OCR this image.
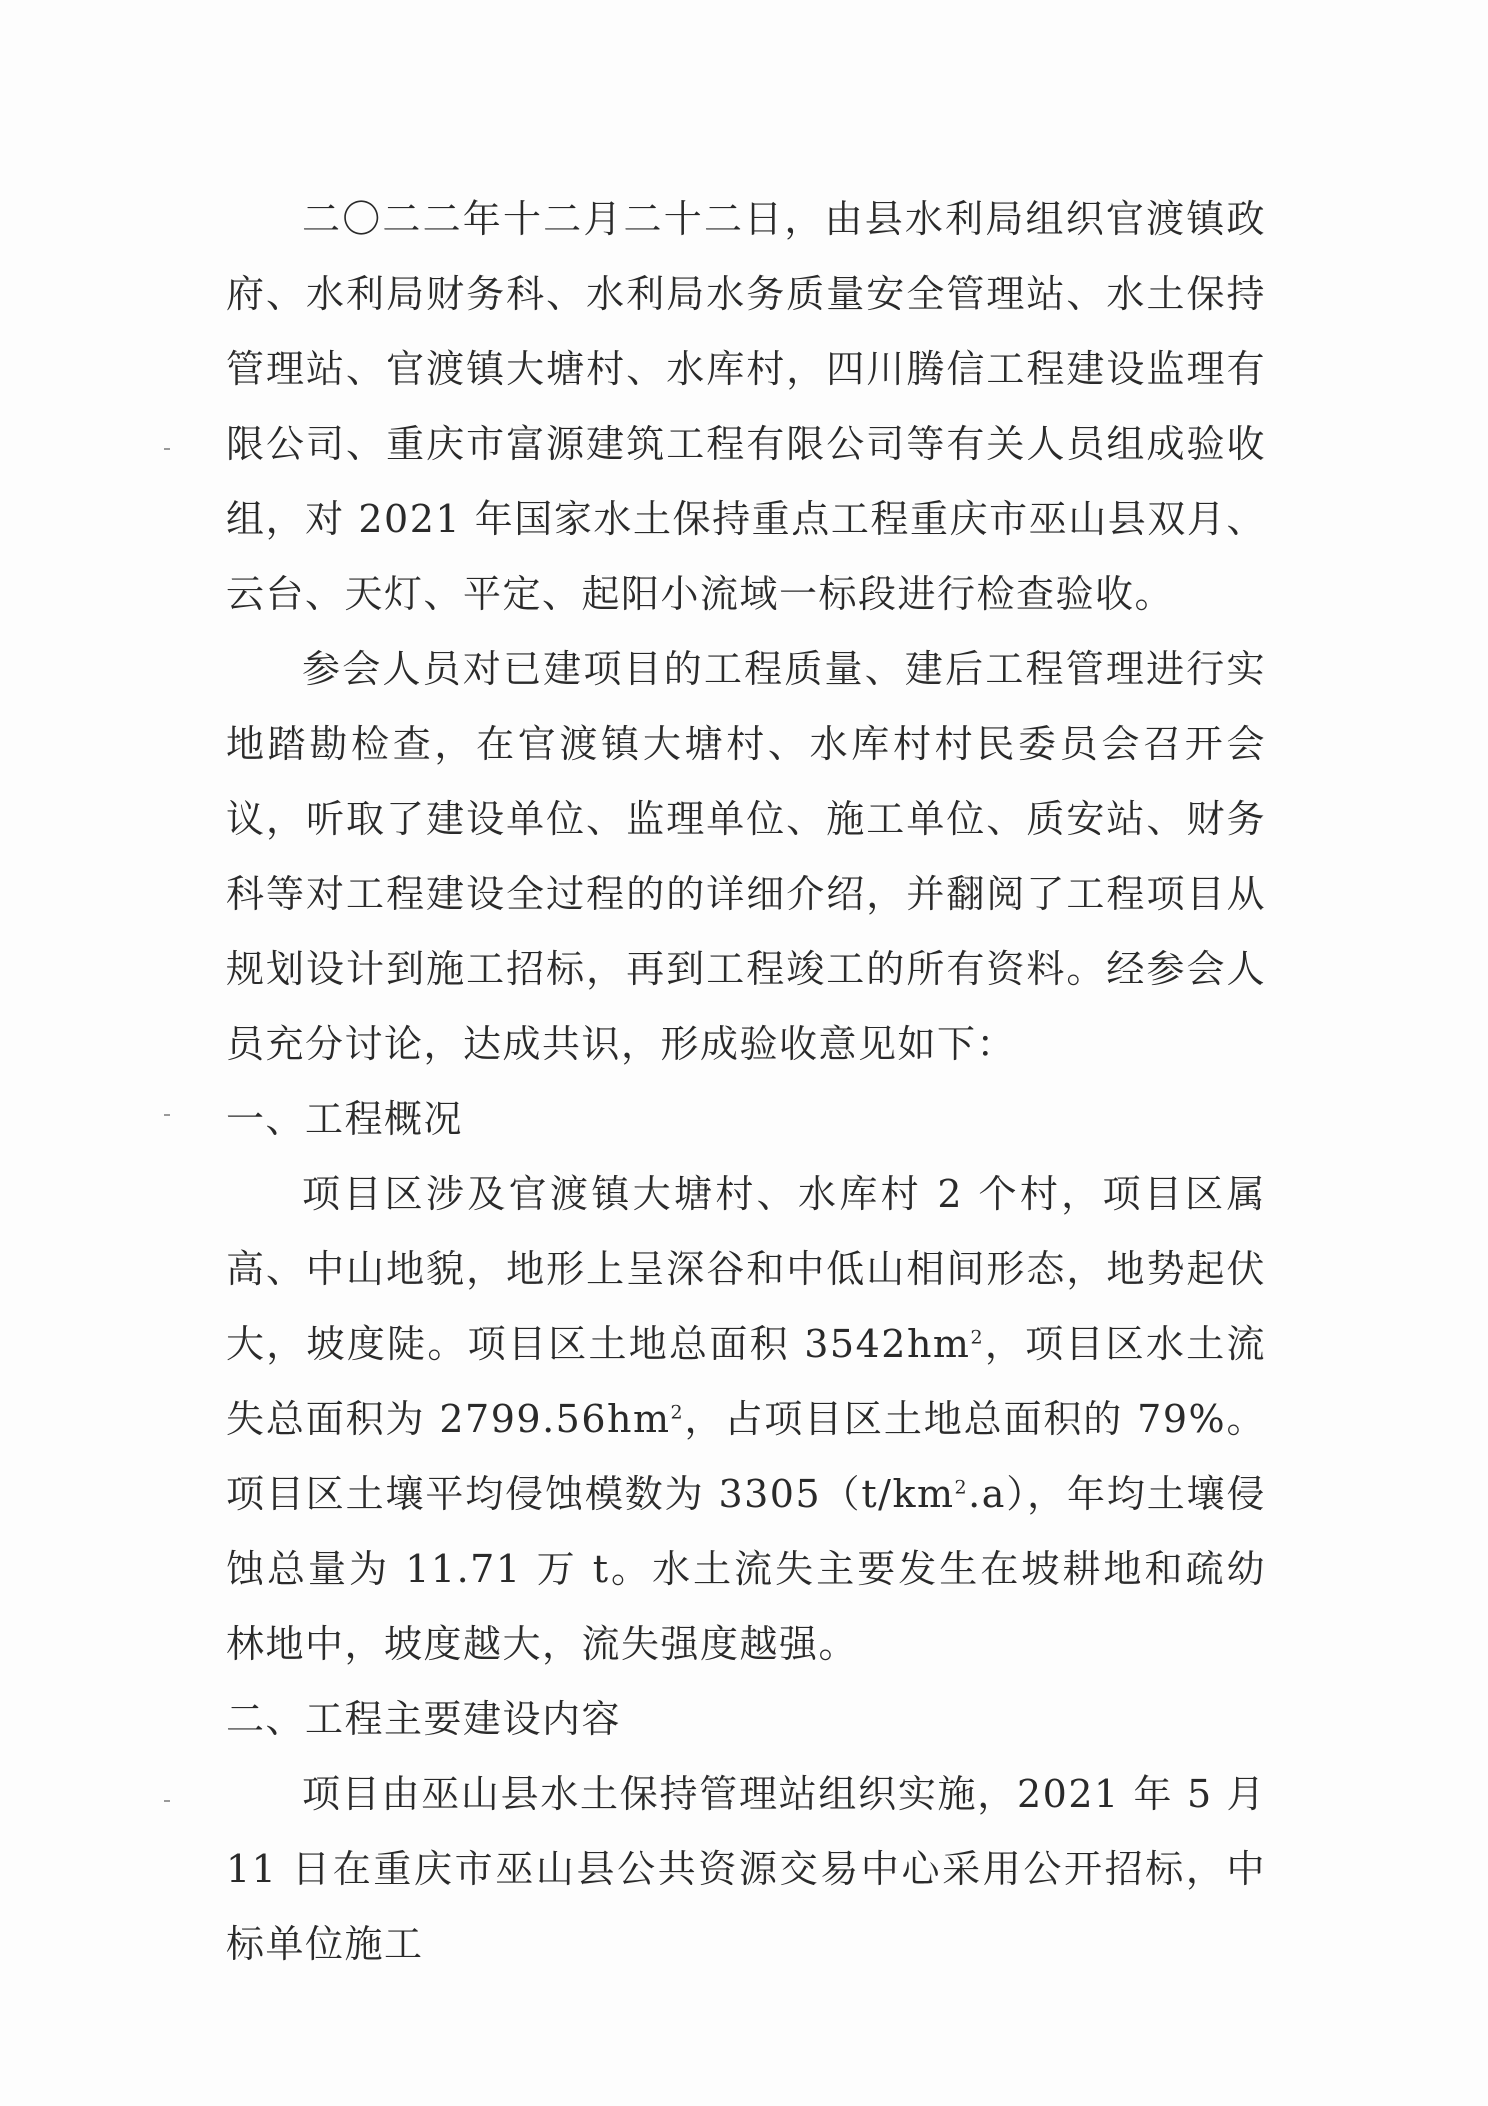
二〇二二年十二月二十二日，由县水利局组织官渡镇政府、水利局财务科、水利局水务质量安全管理站、水土保持管理站、官渡镇大塘村、水库村，四川腾信工程建设监理有限公司、重庆市富源建筑工程有限公司等有关人员组成验收组，对 2021 年国家水土保持重点工程重庆市巫山县双月、云台、天灯、平定、起阳小流域一标段进行检查验收。

参会人员对已建项目的工程质量、建后工程管理进行实地踏勘检查，在官渡镇大塘村、水库村村民委员会召开会议，听取了建设单位、监理单位、施工单位、质安站、财务科等对工程建设全过程的的详细介绍，并翻阅了工程项目从规划设计到施工招标，再到工程竣工的所有资料。经参会人员充分讨论，达成共识，形成验收意见如下：

一、工程概况

项目区涉及官渡镇大塘村、水库村 2 个村，项目区属高、中山地貌，地形上呈深谷和中低山相间形态，地势起伏大，坡度陡。项目区土地总面积 $3542hm^2$，项目区水土流失总面积为 $2799.56hm^2$，占项目区土地总面积的 79%。项目区土壤平均侵蚀模数为 $3305(t/km^2.a)$，年均土壤侵蚀总量为 11.71 万 t。水土流失主要发生在坡耕地和疏幼林地中，坡度越大，流失强度越强。

二、工程主要建设内容

项目由巫山县水土保持管理站组织实施，2021 年 5 月 11 日在重庆市巫山县公共资源交易中心采用公开招标，中标单位施工
